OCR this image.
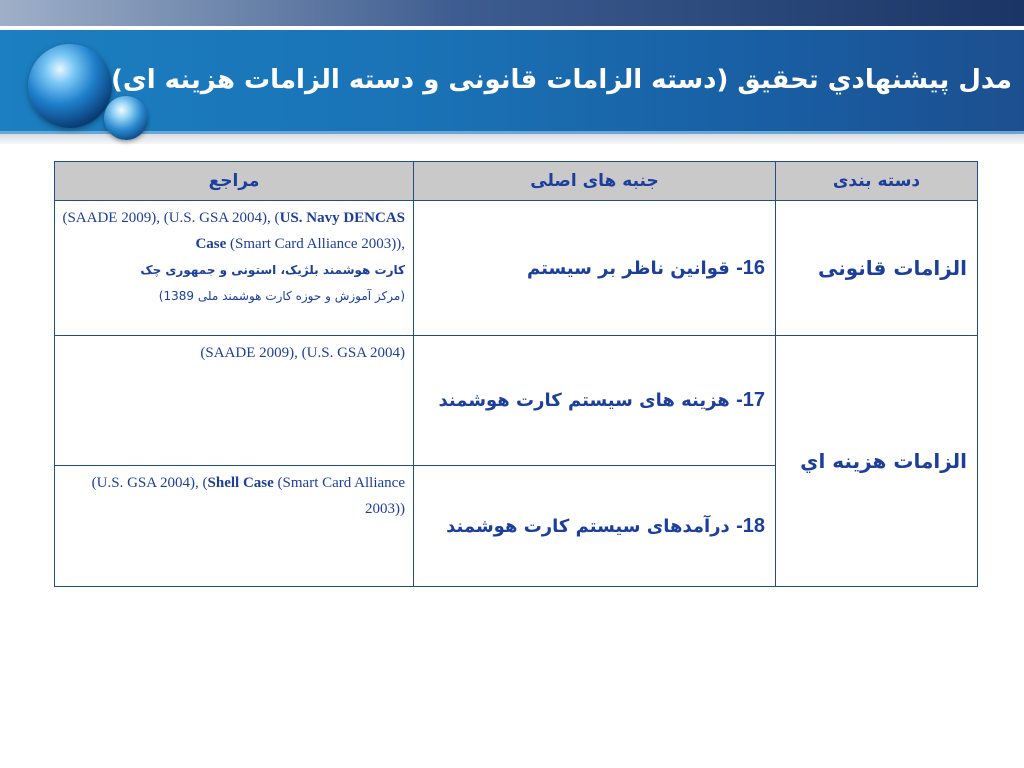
مدل پيشنهادي تحقيق (دسته الزامات قانونی و دسته الزامات هزينه ای)
دسته بندی	جنبه های اصلی	مراجع
الزامات قانونی	16- قوانين ناظر بر سيستم	(SAADE 2009), (U.S. GSA 2004), (US. Navy DENCAS Case (Smart Card Alliance 2003)),
کارت هوشمند بلژيک، استونی و جمهوری چک
(مرکز آموزش و حوزه کارت هوشمند ملی 1389)

الزامات هزينه اي	17- هزينه های سيستم کارت هوشمند	(SAADE 2009), (U.S. GSA 2004)

	18- درآمدهای سيستم کارت هوشمند	(U.S. GSA 2004), (Shell Case (Smart Card Alliance 2003))
